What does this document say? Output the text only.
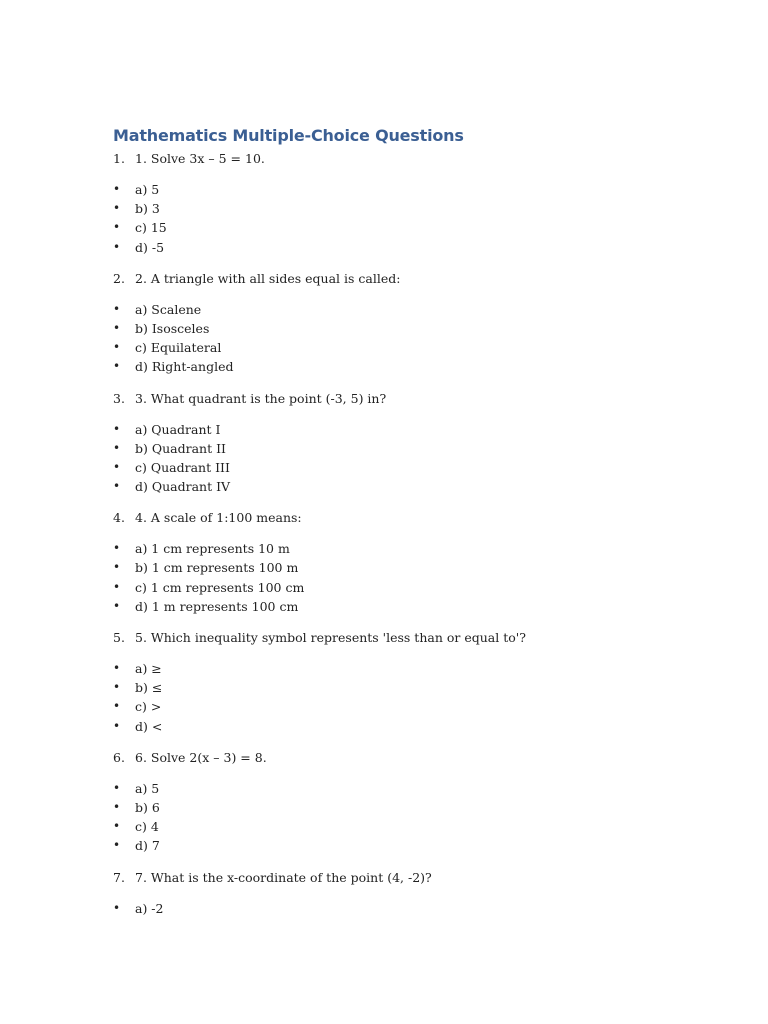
Mathematics Multiple-Choice Questions
1. 1. Solve 3x – 5 = 10.
• a) 5
• b) 3
• c) 15
• d) -5
2. 2. A triangle with all sides equal is called:
• a) Scalene
• b) Isosceles
• c) Equilateral
• d) Right-angled
3. 3. What quadrant is the point (-3, 5) in?
• a) Quadrant I
• b) Quadrant II
• c) Quadrant III
• d) Quadrant IV
4. 4. A scale of 1:100 means:
• a) 1 cm represents 10 m
• b) 1 cm represents 100 m
• c) 1 cm represents 100 cm
• d) 1 m represents 100 cm
5. 5. Which inequality symbol represents 'less than or equal to'?
• a) ≥
• b) ≤
• c) >
• d) <
6. 6. Solve 2(x – 3) = 8.
• a) 5
• b) 6
• c) 4
• d) 7
7. 7. What is the x-coordinate of the point (4, -2)?
• a) -2
